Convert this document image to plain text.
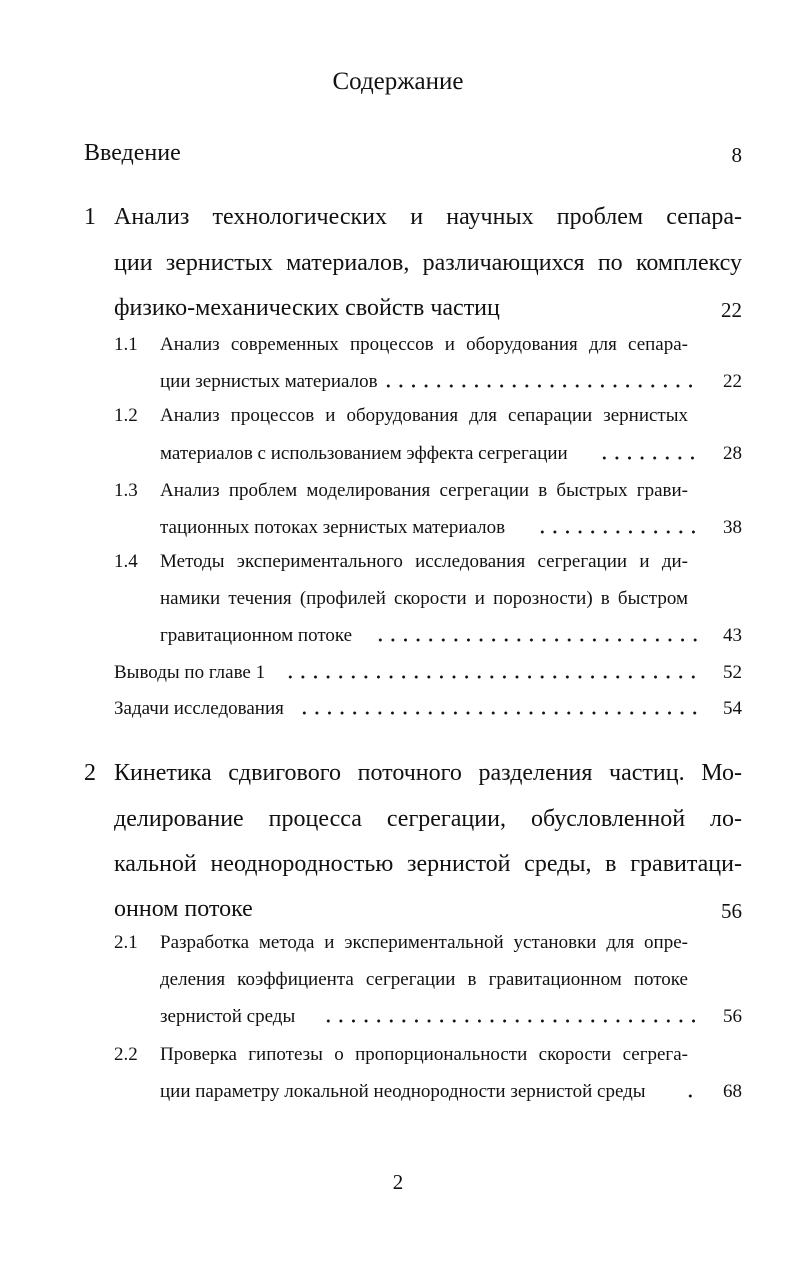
Содержание
Введение	8
1 Анализ технологических и научных проблем сепара-
ции зернистых материалов, различающихся по комплексу
физико-механических свойств частиц	22
1.1 Анализ современных процессов и оборудования для сепара-
ции зернистых материалов	22
1.2 Анализ процессов и оборудования для сепарации зернистых
материалов с использованием эффекта сегрегации	28
1.3 Анализ проблем моделирования сегрегации в быстрых грави-
тационных потоках зернистых материалов	38
1.4 Методы экспериментального исследования сегрегации и ди-
намики течения (профилей скорости и порозности) в быстром
гравитационном потоке	43
Выводы по главе 1	52
Задачи исследования	54
2 Кинетика сдвигового поточного разделения частиц. Мо-
делирование процесса сегрегации, обусловленной ло-
кальной неоднородностью зернистой среды, в гравитаци-
онном потоке	56
2.1 Разработка метода и экспериментальной установки для опре-
деления коэффициента сегрегации в гравитационном потоке
зернистой среды	56
2.2 Проверка гипотезы о пропорциональности скорости сегрега-
ции параметру локальной неоднородности зернистой среды	68
2
